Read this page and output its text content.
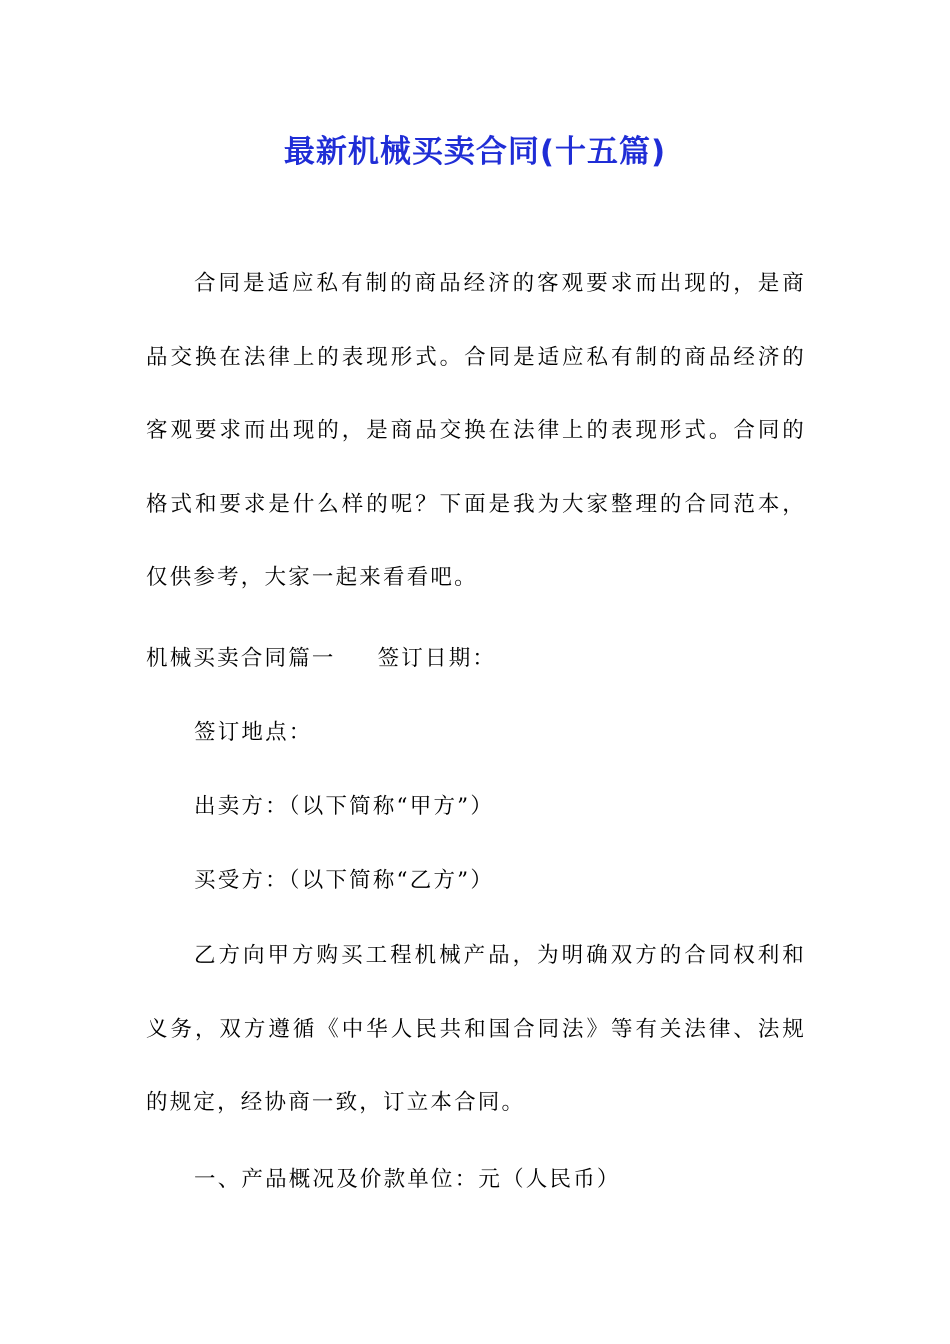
最新机械买卖合同(十五篇)
合同是适应私有制的商品经济的客观要求而出现的，是商品交换在法律上的表现形式。合同是适应私有制的商品经济的客观要求而出现的，是商品交换在法律上的表现形式。合同的格式和要求是什么样的呢？下面是我为大家整理的合同范本，仅供参考，大家一起来看看吧。
机械买卖合同篇一 签订日期：
签订地点：
出卖方：（以下简称“甲方”）
买受方：（以下简称“乙方”）
乙方向甲方购买工程机械产品，为明确双方的合同权利和义务，双方遵循《中华人民共和国合同法》等有关法律、法规的规定，经协商一致，订立本合同。
一、产品概况及价款单位：元（人民币）
